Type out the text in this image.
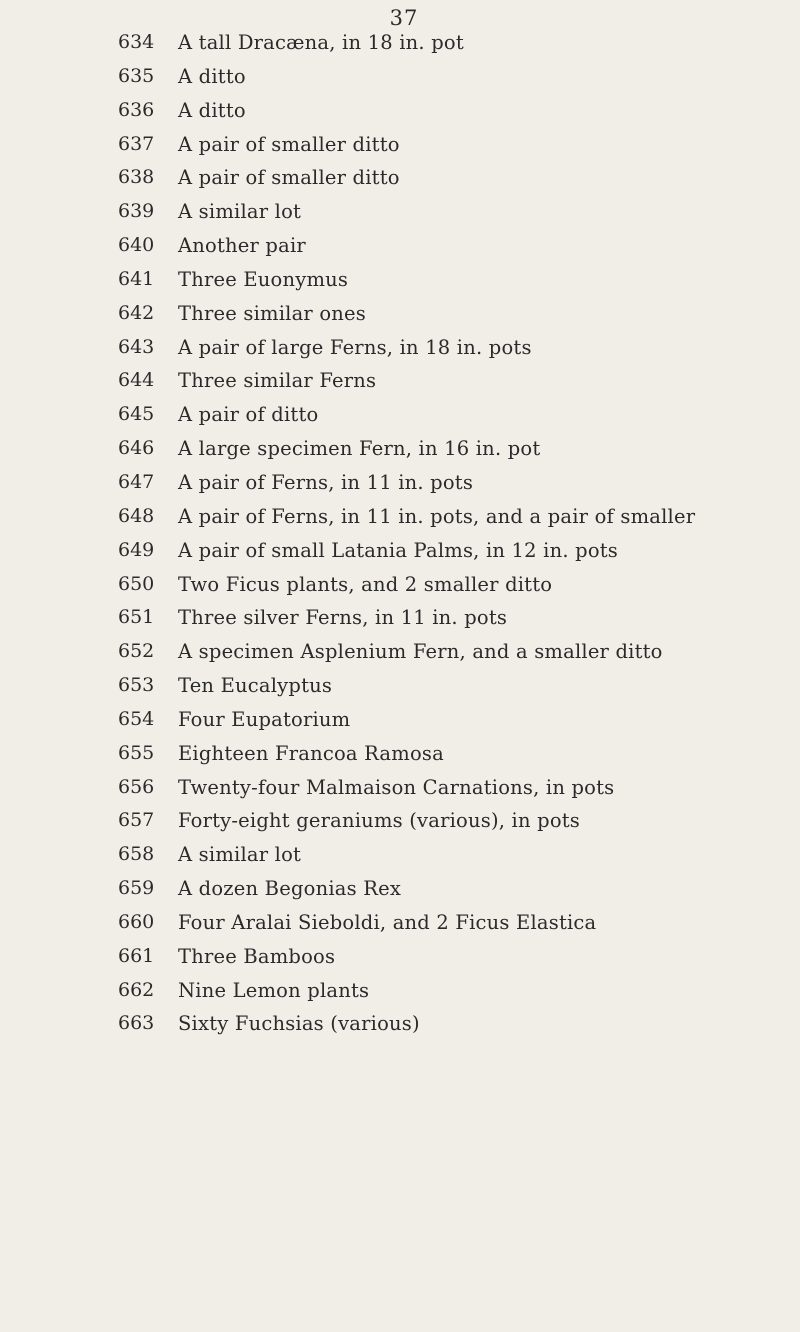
37
634	A tall Dracæna, in 18 in. pot
635	A ditto
636	A ditto
637	A pair of smaller ditto
638	A pair of smaller ditto
639	A similar lot
640	Another pair
641	Three Euonymus
642	Three similar ones
643	A pair of large Ferns, in 18 in. pots
644	Three similar Ferns
645	A pair of ditto
646	A large specimen Fern, in 16 in. pot
647	A pair of Ferns, in 11 in. pots
648	A pair of Ferns, in 11 in. pots, and a pair of smaller
649	A pair of small Latania Palms, in 12 in. pots
650	Two Ficus plants, and 2 smaller ditto
651	Three silver Ferns, in 11 in. pots
652	A specimen Asplenium Fern, and a smaller ditto
653	Ten Eucalyptus
654	Four Eupatorium
655	Eighteen Francoa Ramosa
656	Twenty-four Malmaison Carnations, in pots
657	Forty-eight geraniums (various), in pots
658	A similar lot
659	A dozen Begonias Rex
660	Four Aralai Sieboldi, and 2 Ficus Elastica
661	Three Bamboos
662	Nine Lemon plants
663	Sixty Fuchsias (various)
